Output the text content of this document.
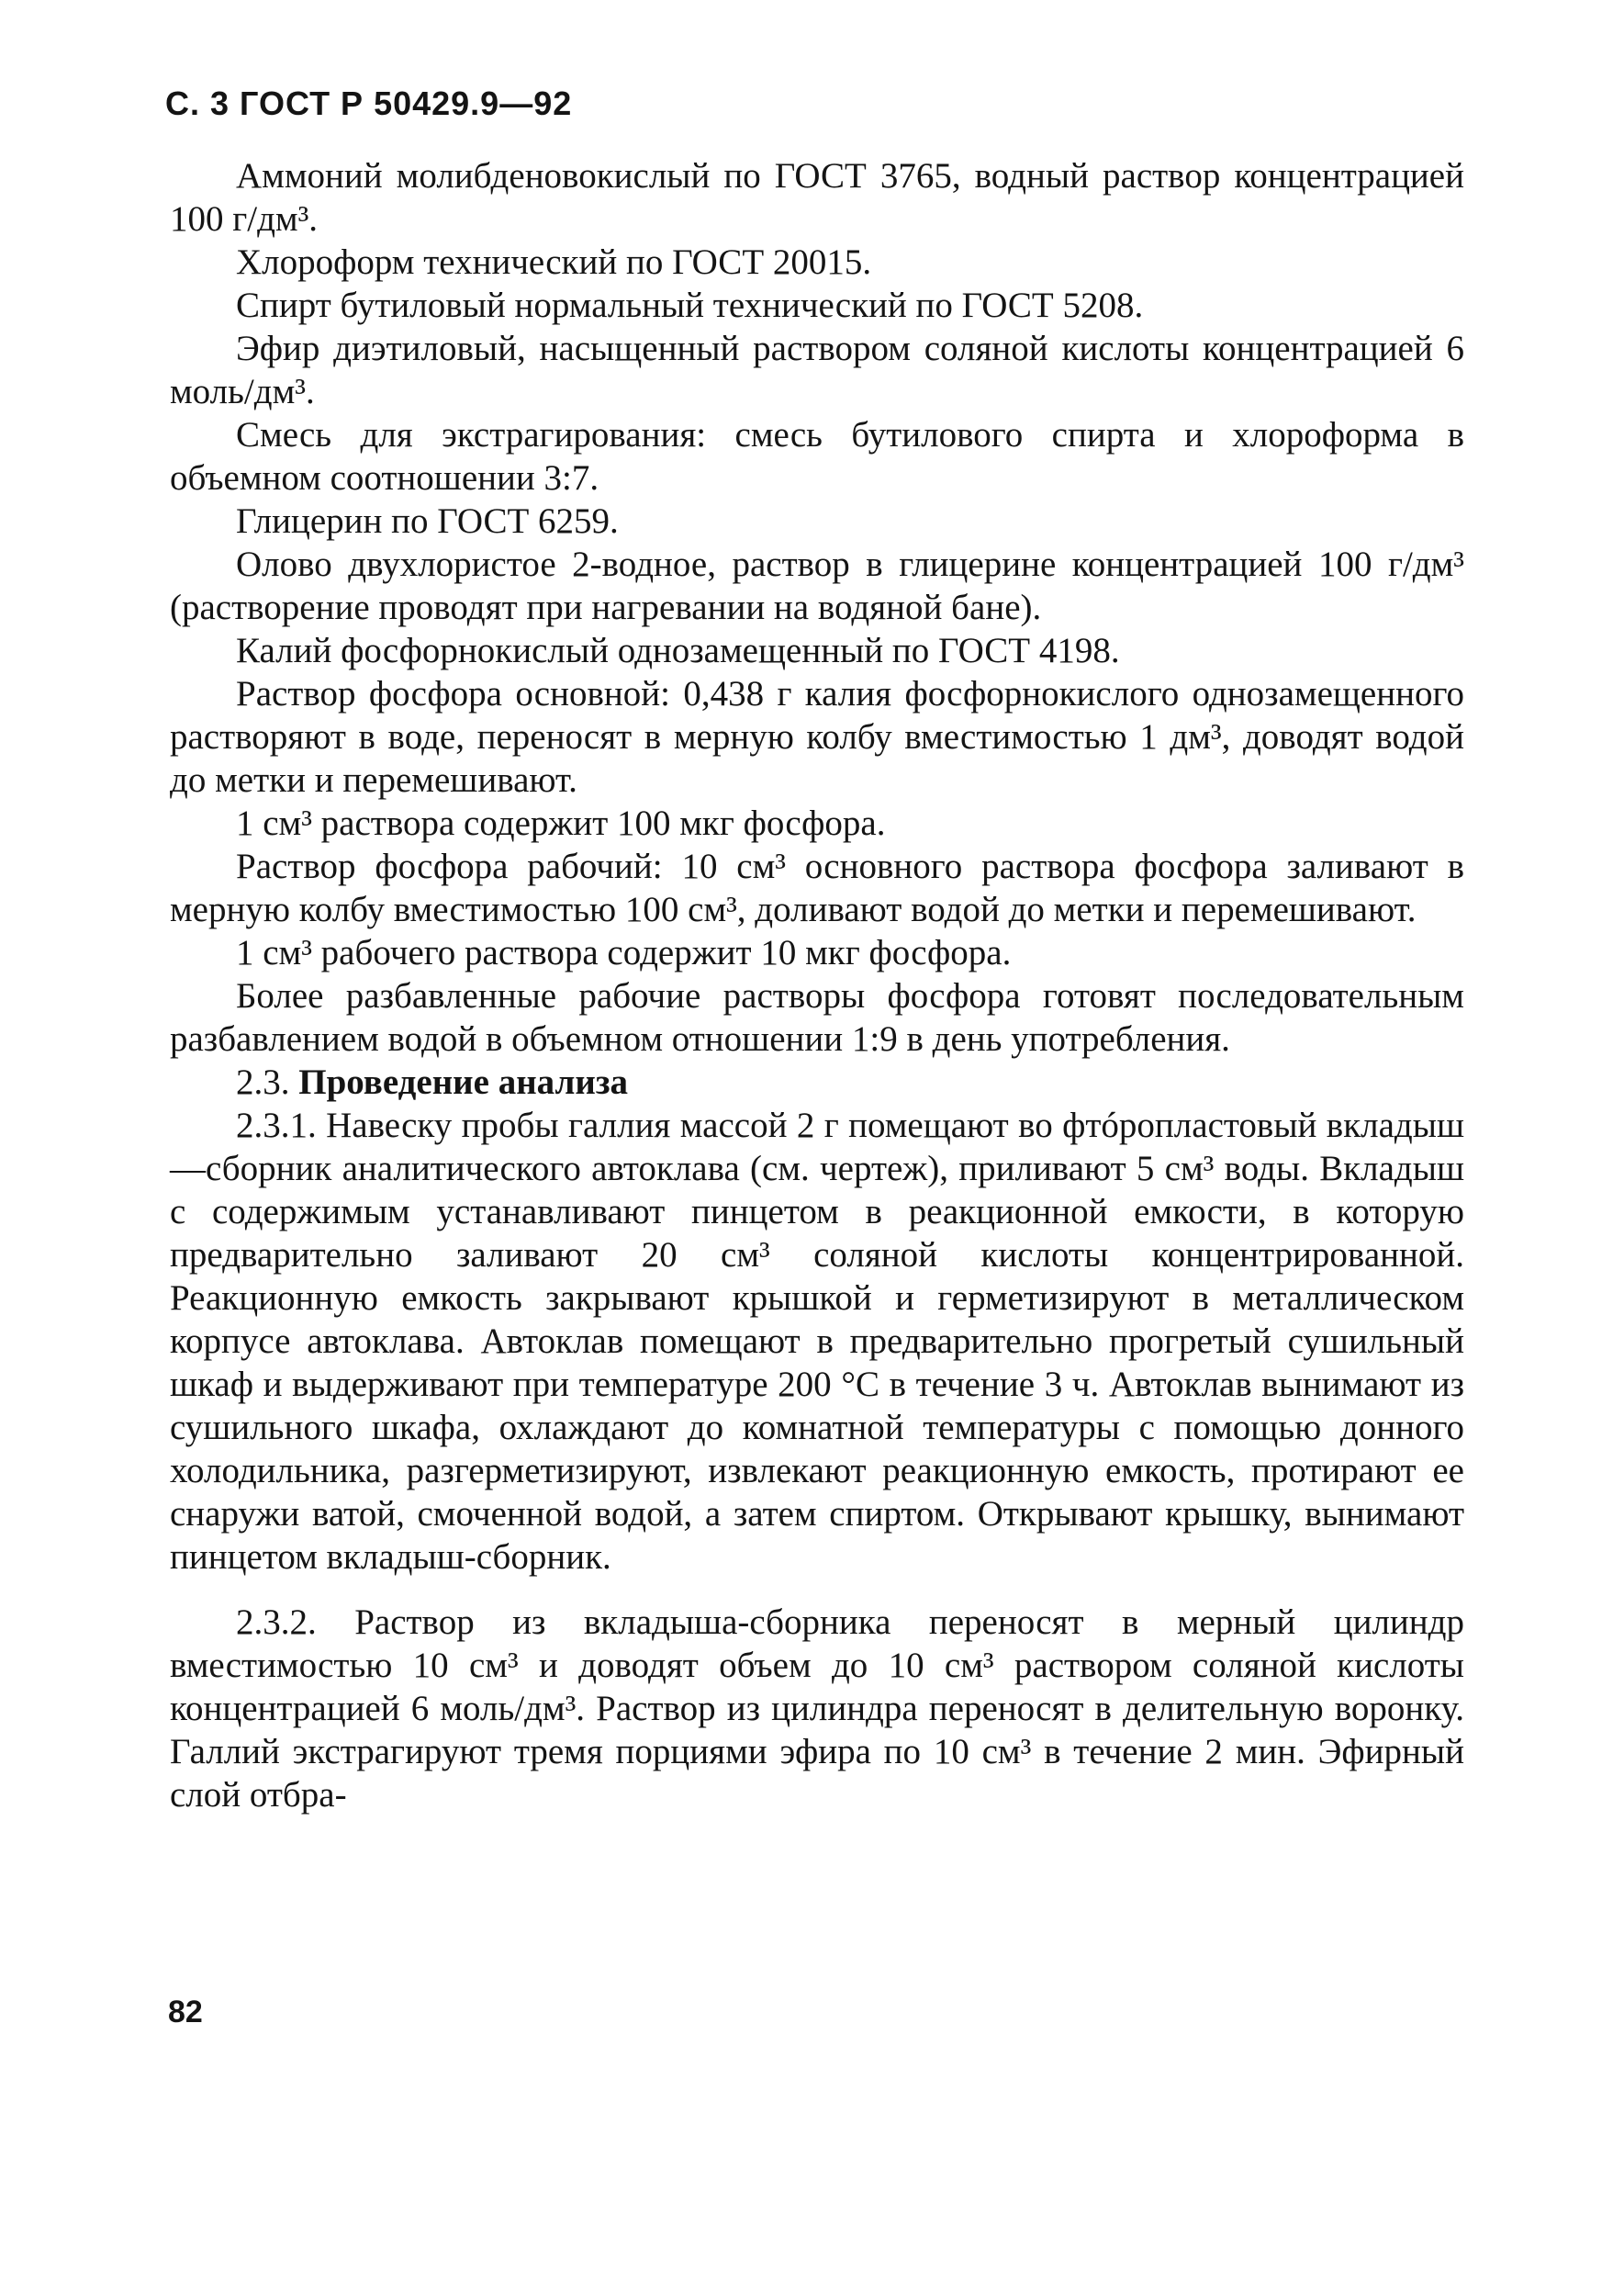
С. 3 ГОСТ Р 50429.9—92

Аммоний молибденовокислый по ГОСТ 3765, водный раствор концентрацией 100 г/дм³.

Хлороформ технический по ГОСТ 20015.

Спирт бутиловый нормальный технический по ГОСТ 5208.

Эфир диэтиловый, насыщенный раствором соляной кислоты концентрацией 6 моль/дм³.

Смесь для экстрагирования: смесь бутилового спирта и хлороформа в объемном соотношении 3:7.

Глицерин по ГОСТ 6259.

Олово двухлористое 2-водное, раствор в глицерине концентрацией 100 г/дм³ (растворение проводят при нагревании на водяной бане).

Калий фосфорнокислый однозамещенный по ГОСТ 4198.

Раствор фосфора основной: 0,438 г калия фосфорнокислого однозамещенного растворяют в воде, переносят в мерную колбу вместимостью 1 дм³, доводят водой до метки и перемешивают.

1 см³ раствора содержит 100 мкг фосфора.

Раствор фосфора рабочий: 10 см³ основного раствора фосфора заливают в мерную колбу вместимостью 100 см³, доливают водой до метки и перемешивают.

1 см³ рабочего раствора содержит 10 мкг фосфора.

Более разбавленные рабочие растворы фосфора готовят последовательным разбавлением водой в объемном отношении 1:9 в день употребления.

2.3. Проведение анализа

2.3.1. Навеску пробы галлия массой 2 г помещают во фтóропластовый вкладыш—сборник аналитического автоклава (см. чертеж), приливают 5 см³ воды. Вкладыш с содержимым устанавливают пинцетом в реакционной емкости, в которую предварительно заливают 20 см³ соляной кислоты концентрированной. Реакционную емкость закрывают крышкой и герметизируют в металлическом корпусе автоклава. Автоклав помещают в предварительно прогретый сушильный шкаф и выдерживают при температуре 200 °С в течение 3 ч. Автоклав вынимают из сушильного шкафа, охлаждают до комнатной температуры с помощью донного холодильника, разгерметизируют, извлекают реакционную емкость, протирают ее снаружи ватой, смоченной водой, а затем спиртом. Открывают крышку, вынимают пинцетом вкладыш-сборник.

2.3.2. Раствор из вкладыша-сборника переносят в мерный цилиндр вместимостью 10 см³ и доводят объем до 10 см³ раствором соляной кислоты концентрацией 6 моль/дм³. Раствор из цилиндра переносят в делительную воронку. Галлий экстрагируют тремя порциями эфира по 10 см³ в течение 2 мин. Эфирный слой отбра-

82
